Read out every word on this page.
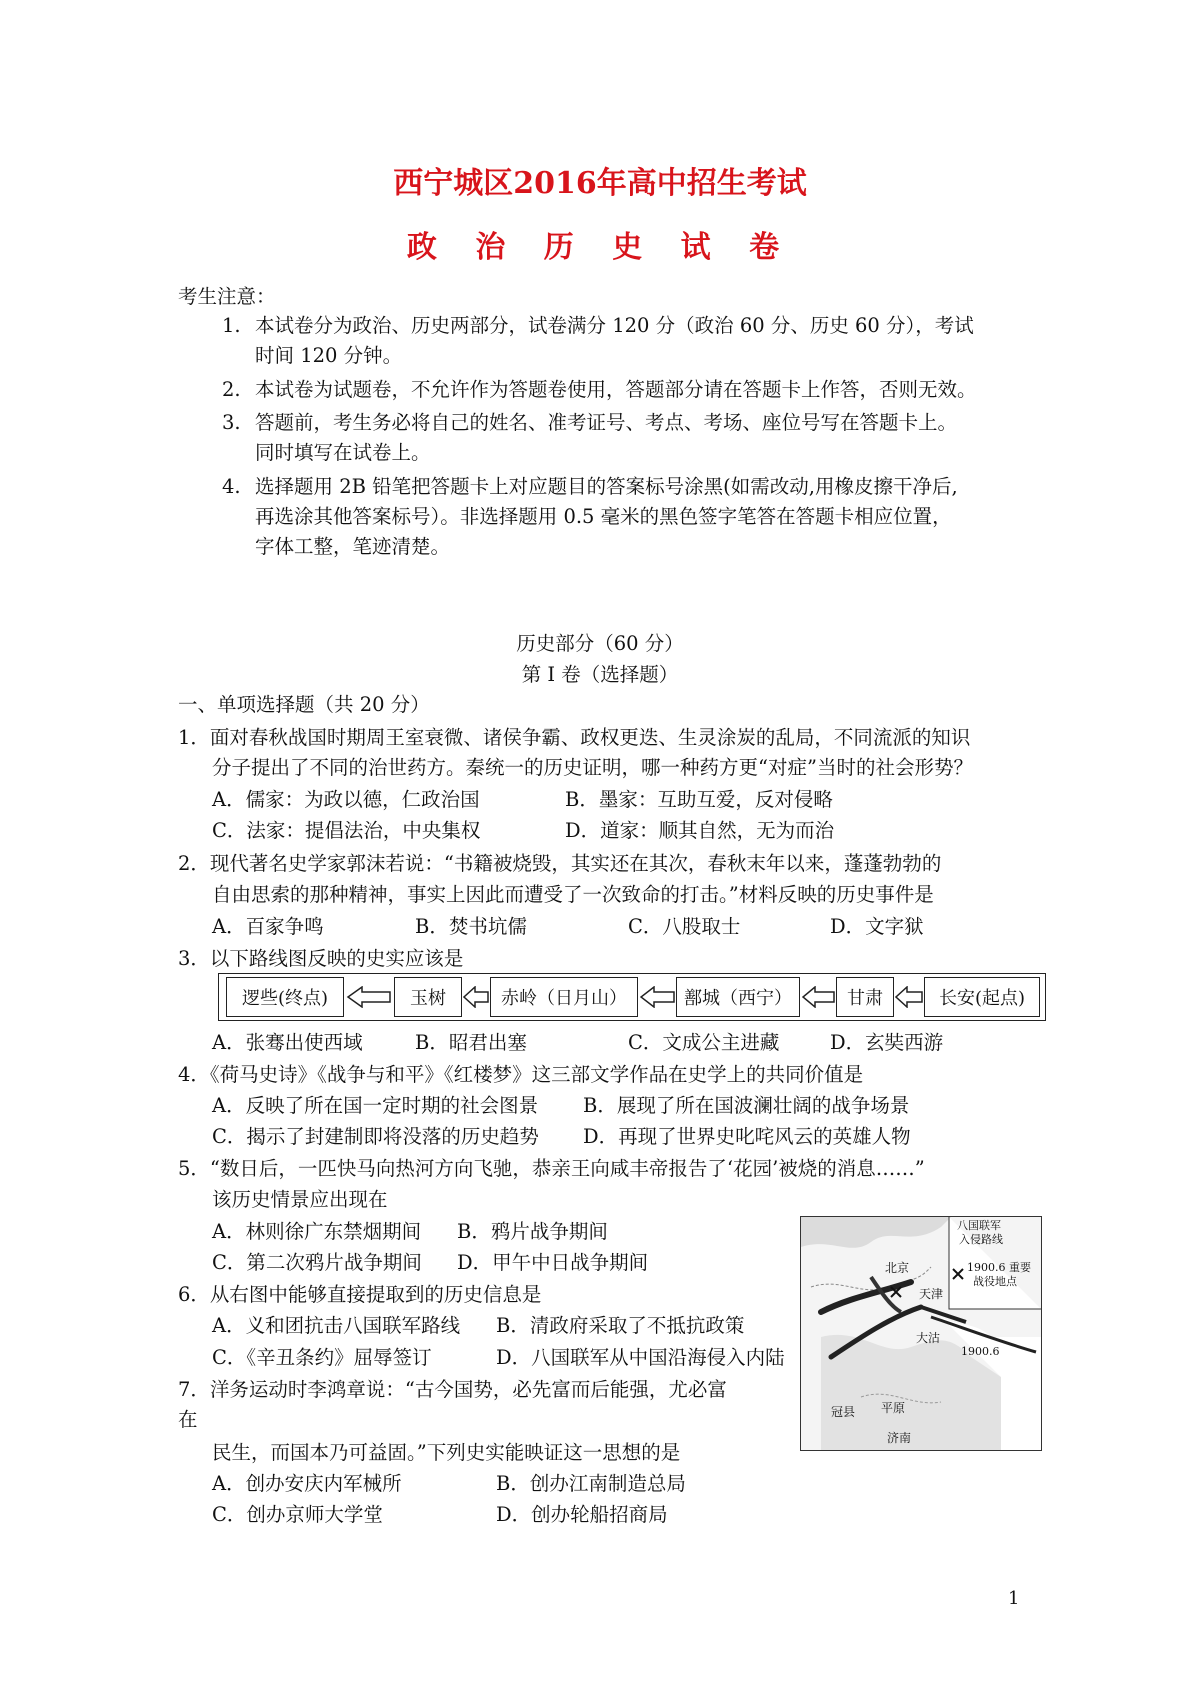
西宁城区2016年高中招生考试
政 治 历 史 试 卷
考生注意：
1. 本试卷分为政治、历史两部分，试卷满分 120 分（政治 60 分、历史 60 分），考试
时间 120 分钟。
2. 本试卷为试题卷，不允许作为答题卷使用，答题部分请在答题卡上作答，否则无效。
3. 答题前，考生务必将自己的姓名、准考证号、考点、考场、座位号写在答题卡上。
同时填写在试卷上。
4. 选择题用 2B 铅笔把答题卡上对应题目的答案标号涂黑(如需改动,用橡皮擦干净后,
再选涂其他答案标号）。非选择题用 0.5 毫米的黑色签字笔答在答题卡相应位置，
字体工整，笔迹清楚。
历史部分（60 分）
第 I 卷（选择题）
一、单项选择题（共 20 分）
1．面对春秋战国时期周王室衰微、诸侯争霸、政权更迭、生灵涂炭的乱局，不同流派的知识
分子提出了不同的治世药方。秦统一的历史证明，哪一种药方更“对症”当时的社会形势？
A．儒家：为政以德，仁政治国	B．墨家：互助互爱，反对侵略
C．法家：提倡法治，中央集权	D．道家：顺其自然，无为而治
2．现代著名史学家郭沫若说：“书籍被烧毁，其实还在其次，春秋末年以来，蓬蓬勃勃的
自由思索的那种精神，事实上因此而遭受了一次致命的打击。”材料反映的历史事件是
A．百家争鸣	B．焚书坑儒	C．八股取士	D．文字狱
3．以下路线图反映的史实应该是
逻些(终点)	玉树	赤岭（日月山）	鄯城（西宁）	甘肃	长安(起点)
A．张骞出使西域	B．昭君出塞	C．文成公主进藏	D．玄奘西游
4．《荷马史诗》《战争与和平》《红楼梦》这三部文学作品在史学上的共同价值是
A．反映了所在国一定时期的社会图景 B．展现了所在国波澜壮阔的战争场景
C．揭示了封建制即将没落的历史趋势 D．再现了世界史叱咤风云的英雄人物
5．“数日后，一匹快马向热河方向飞驰，恭亲王向咸丰帝报告了‘花园’被烧的消息……”
该历史情景应出现在
A．林则徐广东禁烟期间 B．鸦片战争期间
C．第二次鸦片战争期间 D．甲午中日战争期间
6．从右图中能够直接提取到的历史信息是
A．义和团抗击八国联军路线 B．清政府采取了不抵抗政策
C．《辛丑条约》屈辱签订	D．八国联军从中国沿海侵入内陆
7．洋务运动时李鸿章说：“古今国势，必先富而后能强，尤必富
在
民生，而国本乃可益固。”下列史实能映证这一思想的是
A．创办安庆内军械所	B．创办江南制造总局
C．创办京师大学堂	D．创办轮船招商局
八国联军
入侵路线
1900.6 重要
战役地点
北京
天津
大沽
1900.6
冠县 平原
济南
1
